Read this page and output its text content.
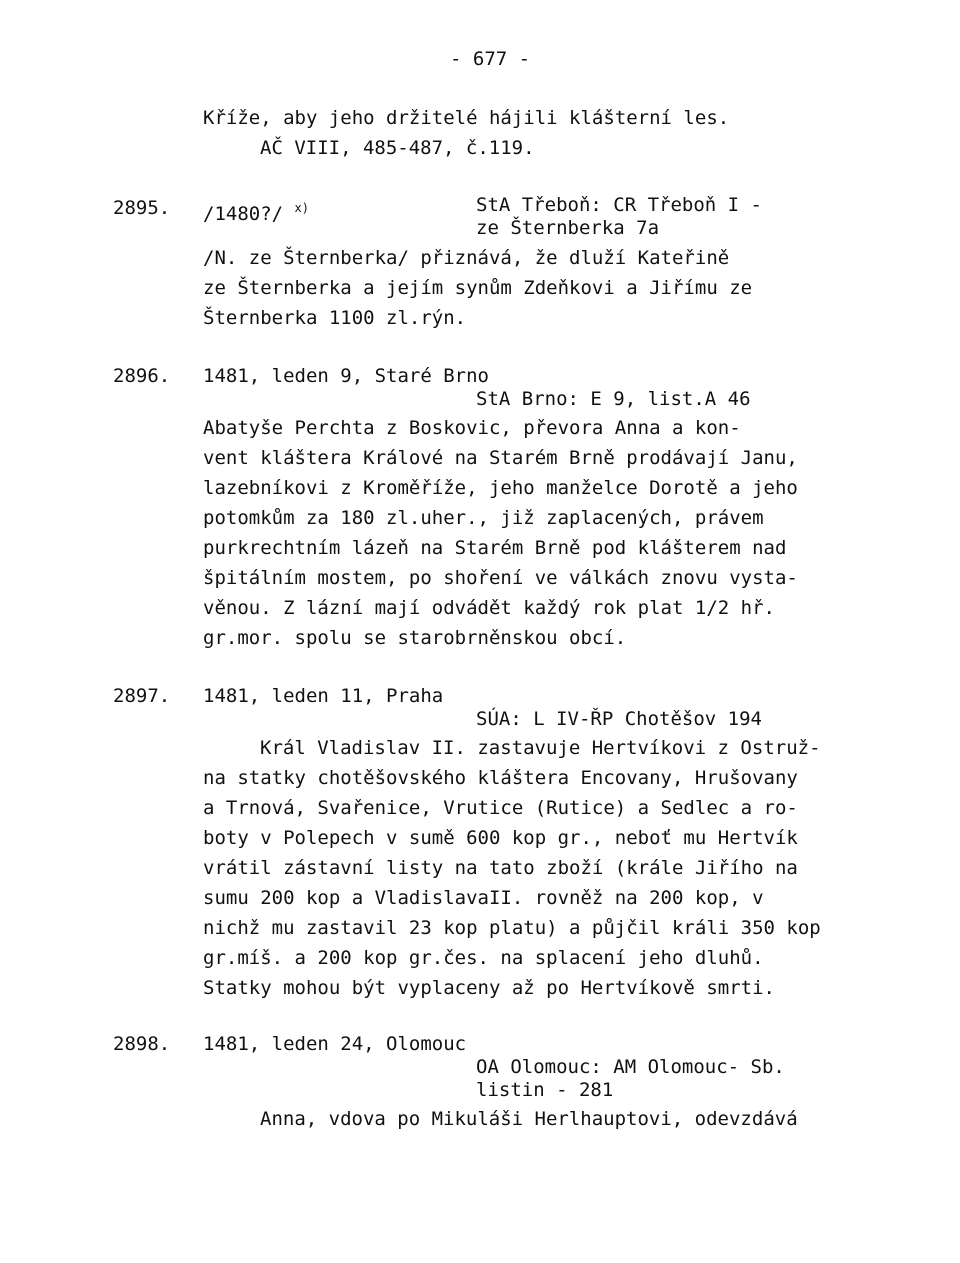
- 677 -
Kříže, aby jeho držitelé hájili klášterní les.
AČ VIII, 485-487, č.119.
2895. /1480?/ $^{x)}$	StA Třeboň: CR Třeboň I -
ze Šternberka 7a
/N. ze Šternberka/ přiznává, že dluží Kateřině
ze Šternberka a jejím synům Zdeňkovi a Jiřímu ze
Šternberka 1100 zl.rýn.
2896. 1481, leden 9, Staré Brno
StA Brno: E 9, list.A 46
Abatyše Perchta z Boskovic, převora Anna a kon-
vent kláštera Králové na Starém Brně prodávají Janu,
lazebníkovi z Kroměříže, jeho manželce Dorotě a jeho
potomkům za 180 zl.uher., již zaplacených, právem
purkrechtním lázeň na Starém Brně pod klášterem nad
špitálním mostem, po shoření ve válkách znovu vysta-
věnou. Z lázní mají odvádět každý rok plat 1/2 hř.
gr.mor. spolu se starobrněnskou obcí.
2897. 1481, leden 11, Praha
SÚA: L IV-ŘP Chotěšov 194
Král Vladislav II. zastavuje Hertvíkovi z Ostruž-
na statky chotěšovského kláštera Encovany, Hrušovany
a Trnová, Svařenice, Vrutice (Rutice) a Sedlec a ro-
boty v Polepech v sumě 600 kop gr., neboť mu Hertvík
vrátil zástavní listy na tato zboží (krále Jiřího na
sumu 200 kop a VladislavaII. rovněž na 200 kop, v
nichž mu zastavil 23 kop platu) a půjčil králi 350 kop
gr.míš. a 200 kop gr.čes. na splacení jeho dluhů.
Statky mohou být vyplaceny až po Hertvíkově smrti.
2898. 1481, leden 24, Olomouc
OA Olomouc: AM Olomouc- Sb.
listin - 281
Anna, vdova po Mikuláši Herlhauptovi, odevzdává
